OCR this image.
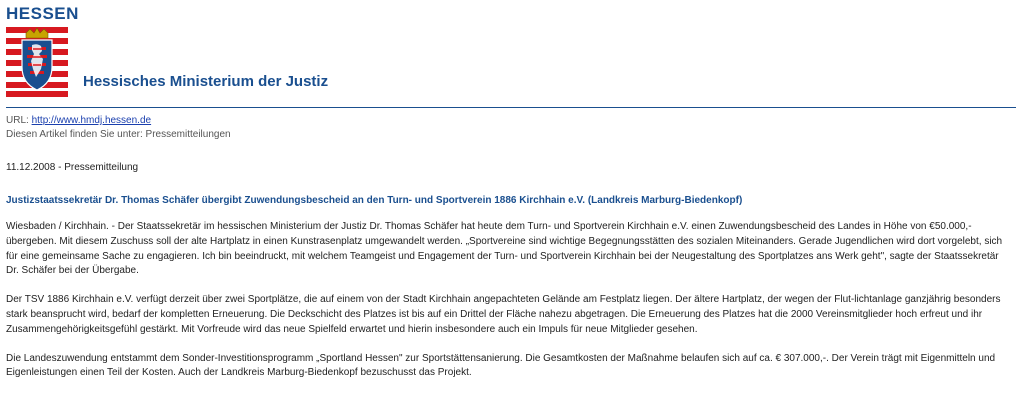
HESSEN
Hessisches Ministerium der Justiz
URL: http://www.hmdj.hessen.de
Diesen Artikel finden Sie unter: Pressemitteilungen
11.12.2008 - Pressemitteilung
Justizstaatssekretär Dr. Thomas Schäfer übergibt Zuwendungsbescheid an den Turn- und Sportverein 1886 Kirchhain e.V. (Landkreis Marburg-Biedenkopf)

Wiesbaden / Kirchhain. - Der Staatssekretär im hessischen Ministerium der Justiz Dr. Thomas Schäfer hat heute dem Turn- und Sportverein Kirchhain e.V. einen Zuwendungsbescheid des Landes in Höhe von €50.000,- übergeben. Mit diesem Zuschuss soll der alte Hartplatz in einen Kunstrasenplatz umgewandelt werden. „Sportvereine sind wichtige Begegnungsstätten des sozialen Miteinanders. Gerade Jugendlichen wird dort vorgelebt, sich für eine gemeinsame Sache zu engagieren. Ich bin beeindruckt, mit welchem Teamgeist und Engagement der Turn- und Sportverein Kirchhain bei der Neugestaltung des Sportplatzes ans Werk geht", sagte der Staatssekretär Dr. Schäfer bei der Übergabe.

Der TSV 1886 Kirchhain e.V. verfügt derzeit über zwei Sportplätze, die auf einem von der Stadt Kirchhain angepachteten Gelände am Festplatz liegen. Der ältere Hartplatz, der wegen der Flut-lichtanlage ganzjährig besonders stark beansprucht wird, bedarf der kompletten Erneuerung. Die Deckschicht des Platzes ist bis auf ein Drittel der Fläche nahezu abgetragen. Die Erneuerung des Platzes hat die 2000 Vereinsmitglieder hoch erfreut und ihr Zusammengehörigkeitsgefühl gestärkt. Mit Vorfreude wird das neue Spielfeld erwartet und hierin insbesondere auch ein Impuls für neue Mitglieder gesehen.

Die Landeszuwendung entstammt dem Sonder-Investitionsprogramm „Sportland Hessen" zur Sportstättensanierung. Die Gesamtkosten der Maßnahme belaufen sich auf ca. € 307.000,-. Der Verein trägt mit Eigenmitteln und Eigenleistungen einen Teil der Kosten. Auch der Landkreis Marburg-Biedenkopf bezuschusst das Projekt.
